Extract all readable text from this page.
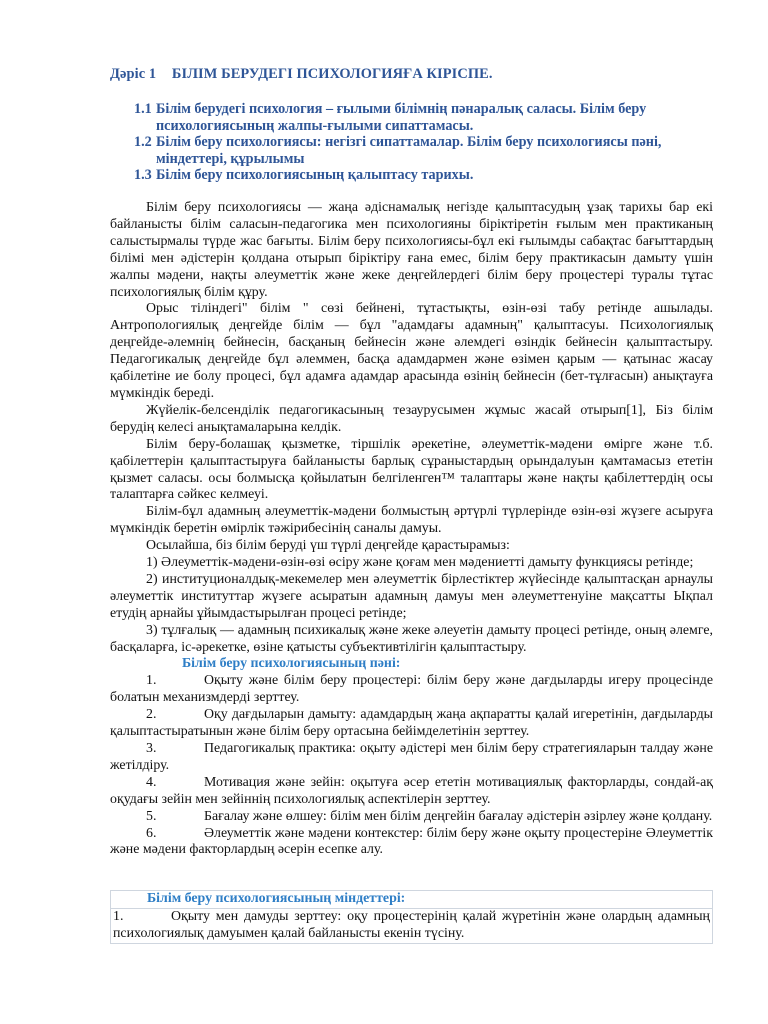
Дәріс 1 БІЛІМ БЕРУДЕГІ ПСИХОЛОГИЯҒА КІРІСПЕ.
1.1 Білім берудегі психология – ғылыми білімнің пәнаралық саласы. Білім беру психологиясының жалпы-ғылыми сипаттамасы.
1.2 Білім беру психологиясы: негізгі сипаттамалар. Білім беру психологиясы пәні, міндеттері, құрылымы
1.3 Білім беру психологиясының қалыптасу тарихы.

Білім беру психологиясы — жаңа әдіснамалық негізде қалыптасудың ұзақ тарихы бар екі байланысты білім саласын-педагогика мен психологияны біріктіретін ғылым мен практиканың салыстырмалы түрде жас бағыты. Білім беру психологиясы-бұл екі ғылымды сабақтас бағыттардың білімі мен әдістерін қолдана отырып біріктіру ғана емес, білім беру практикасын дамыту үшін жалпы мәдени, нақты әлеуметтік және жеке деңгейлердегі білім беру процестері туралы тұтас психологиялық білім құру.

Орыс тіліндегі" білім " сөзі бейнені, тұтастықты, өзін-өзі табу ретінде ашылады. Антропологиялық деңгейде білім — бұл "адамдағы адамның" қалыптасуы. Психологиялық деңгейде-әлемнің бейнесін, басқаның бейнесін және әлемдегі өзіндік бейнесін қалыптастыру. Педагогикалық деңгейде бұл әлеммен, басқа адамдармен және өзімен қарым — қатынас жасау қабілетіне ие болу процесі, бұл адамға адамдар арасында өзінің бейнесін (бет-тұлғасын) анықтауға мүмкіндік береді.

Жүйелік-белсенділік педагогикасының тезаурусымен жұмыс жасай отырып[1], Біз білім берудің келесі анықтамаларына келдік.

Білім беру-болашақ қызметке, тіршілік әрекетіне, әлеуметтік-мәдени өмірге және т.б. қабілеттерін қалыптастыруға байланысты барлық сұраныстардың орындалуын қамтамасыз ететін қызмет саласы. осы болмысқа қойылатын белгіленген™ талаптары және нақты қабілеттердің осы талаптарға сәйкес келмеуі.

Білім-бұл адамның әлеуметтік-мәдени болмыстың әртүрлі түрлерінде өзін-өзі жүзеге асыруға мүмкіндік беретін өмірлік тәжірибесінің саналы дамуы.

Осылайша, біз білім беруді үш түрлі деңгейде қарастырамыз:

1) Әлеуметтік-мәдени-өзін-өзі өсіру және қоғам мен мәдениетті дамыту функциясы ретінде;

2) институционалдық-мекемелер мен әлеуметтік бірлестіктер жүйесінде қалыптасқан арнаулы әлеуметтік институттар жүзеге асыратын адамның дамуы мен әлеуметтенуіне мақсатты Ықпал етудің арнайы ұйымдастырылған процесі ретінде;

3) тұлғалық — адамның психикалық және жеке әлеуетін дамыту процесі ретінде, оның әлемге, басқаларға, іс-әрекетке, өзіне қатысты субъективтілігін қалыптастыру.

Білім беру психологиясының пәні:

1.	Оқыту және білім беру процестері: білім беру және дағдыларды игеру процесінде болатын механизмдерді зерттеу.

2.	Оқу дағдыларын дамыту: адамдардың жаңа ақпаратты қалай игеретінін, дағдыларды қалыптастыратынын және білім беру ортасына бейімделетінін зерттеу.

3.	Педагогикалық практика: оқыту әдістері мен білім беру стратегияларын талдау және жетілдіру.

4.	Мотивация және зейін: оқытуға әсер ететін мотивациялық факторларды, сондай-ақ оқудағы зейін мен зейіннің психологиялық аспектілерін зерттеу.

5.	Бағалау және өлшеу: білім мен білім деңгейін бағалау әдістерін әзірлеу және қолдану.

6.	Әлеуметтік және мәдени контекстер: білім беру және оқыту процестеріне Әлеуметтік және мәдени факторлардың әсерін есепке алу.

Білім беру психологиясының міндеттері:
1.	Оқыту мен дамуды зерттеу: оқу процестерінің қалай жүретінін және олардың адамның психологиялық дамуымен қалай байланысты екенін түсіну.
